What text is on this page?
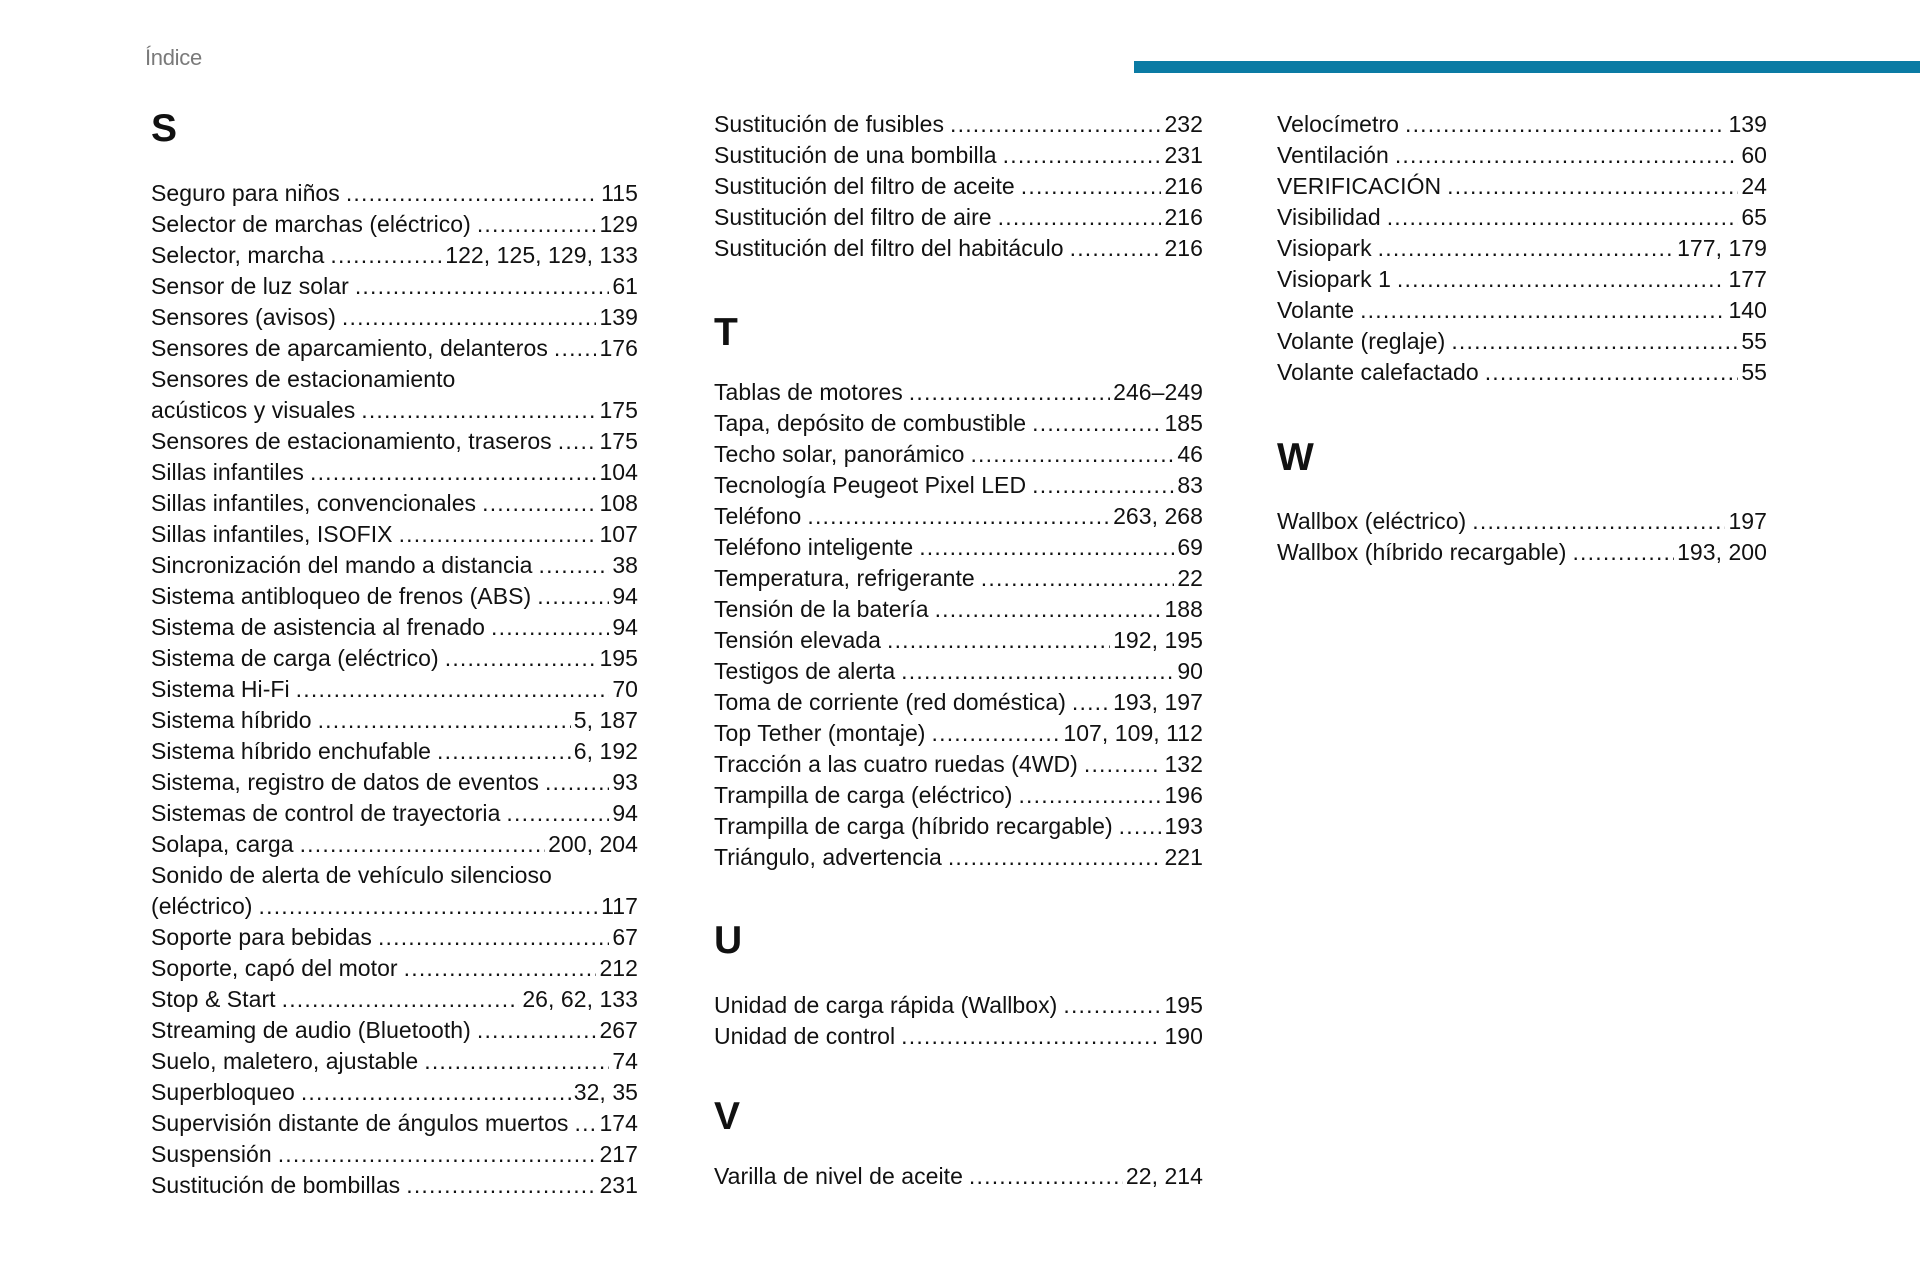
Índice
S
Seguro para niños .....	115
Selector de marchas (eléctrico) .....	129
Selector, marcha .....	122, 125, 129, 133
Sensor de luz solar .....	61
Sensores (avisos) .....	139
Sensores de aparcamiento, delanteros ..... 176
Sensores de estacionamiento
acústicos y visuales .....	175
Sensores de estacionamiento, traseros ..... 175
Sillas infantiles .....	104
Sillas infantiles, convencionales .....	108
Sillas infantiles, ISOFIX .....	107
Sincronización del mando a distancia .....	38
Sistema antibloqueo de frenos (ABS) .....	94
Sistema de asistencia al frenado .....	94
Sistema de carga (eléctrico) .....	195
Sistema Hi-Fi .....	70
Sistema híbrido .....	5, 187
Sistema híbrido enchufable .....	6, 192
Sistema, registro de datos de eventos .....	93
Sistemas de control de trayectoria .....	94
Solapa, carga .....	200, 204
Sonido de alerta de vehículo silencioso
(eléctrico) .....	117
Soporte para bebidas .....	67
Soporte, capó del motor .....	212
Stop & Start .....	26, 62, 133
Streaming de audio (Bluetooth) .....	267
Suelo, maletero, ajustable .....	74
Superbloqueo .....	32, 35
Supervisión distante de ángulos muertos ..... 174
Suspensión .....	217
Sustitución de bombillas .....	231
Sustitución de fusibles .....	232
Sustitución de una bombilla .....	231
Sustitución del filtro de aceite .....	216
Sustitución del filtro de aire .....	216
Sustitución del filtro del habitáculo .....	216
T
Tablas de motores .....	246–249
Tapa, depósito de combustible .....	185
Techo solar, panorámico .....	46
Tecnología Peugeot Pixel LED .....	83
Teléfono .....	263, 268
Teléfono inteligente .....	69
Temperatura, refrigerante .....	22
Tensión de la batería .....	188
Tensión elevada .....	192, 195
Testigos de alerta .....	90
Toma de corriente (red doméstica) ..... 193, 197
Top Tether (montaje) .....	107, 109, 112
Tracción a las cuatro ruedas (4WD) .....	132
Trampilla de carga (eléctrico) .....	196
Trampilla de carga (híbrido recargable) ..... 193
Triángulo, advertencia .....	221
U
Unidad de carga rápida (Wallbox) .....	195
Unidad de control .....	190
V
Varilla de nivel de aceite .....	22, 214
Velocímetro .....	139
Ventilación .....	60
VERIFICACIÓN .....	24
Visibilidad .....	65
Visiopark .....	177, 179
Visiopark 1 .....	177
Volante .....	140
Volante (reglaje) .....	55
Volante calefactado .....	55
W
Wallbox (eléctrico) .....	197
Wallbox (híbrido recargable) .....	193, 200
